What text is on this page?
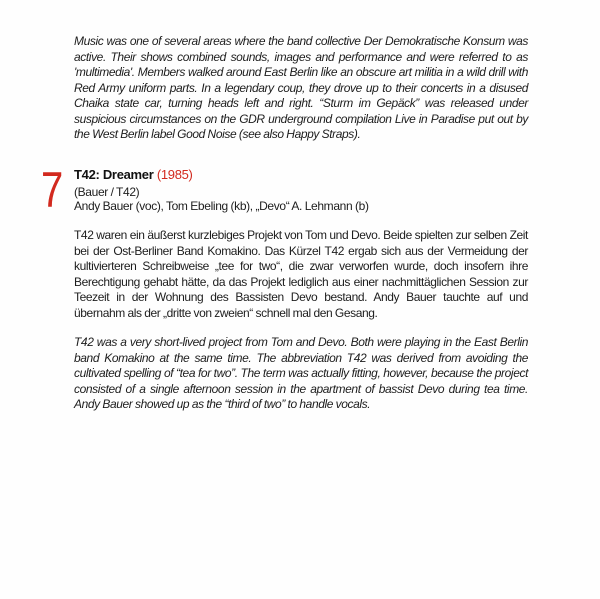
Music was one of several areas where the band collective Der Demokratische Konsum was active. Their shows combined sounds, images and performance and were referred to as 'multimedia'. Members walked around East Berlin like an obscure art militia in a wild drill with Red Army uniform parts. In a legendary coup, they drove up to their concerts in a disused Chaika state car, turning heads left and right. “Sturm im Gepäck” was released under suspicious circumstances on the GDR underground compilation Live in Paradise put out by the West Berlin label Good Noise (see also Happy Straps).
7 T42: Dreamer (1985)
(Bauer / T42)
Andy Bauer (voc), Tom Ebeling (kb), „Devo“ A. Lehmann (b)
T42 waren ein äußerst kurzlebiges Projekt von Tom und Devo. Beide spielten zur selben Zeit bei der Ost-Berliner Band Komakino. Das Kürzel T42 ergab sich aus der Vermeidung der kultivierteren Schreibweise „tee for two“, die zwar verworfen wurde, doch insofern ihre Berechtigung gehabt hätte, da das Projekt lediglich aus einer nachmittäglichen Session zur Teezeit in der Wohnung des Bassisten Devo bestand. Andy Bauer tauchte auf und übernahm als der „dritte von zweien“ schnell mal den Gesang.
T42 was a very short-lived project from Tom and Devo. Both were playing in the East Berlin band Komakino at the same time. The abbreviation T42 was derived from avoiding the cultivated spelling of “tea for two”. The term was actually fitting, however, because the project consisted of a single afternoon session in the apartment of bassist Devo during tea time. Andy Bauer showed up as the “third of two” to handle vocals.
